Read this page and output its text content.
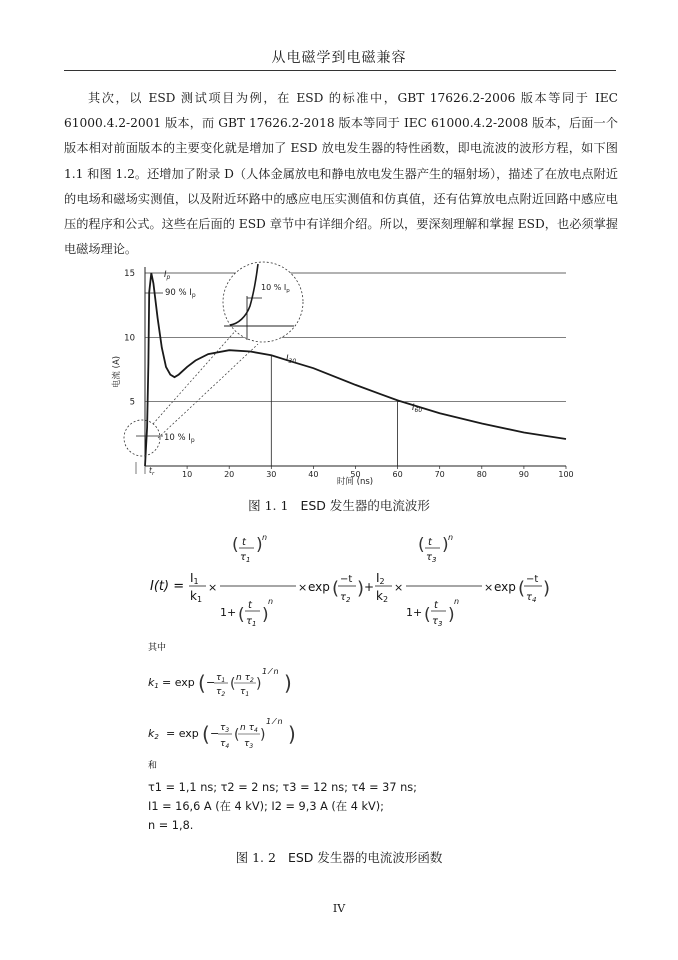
从电磁学到电磁兼容
其次，以 ESD 测试项目为例，在 ESD 的标准中，GBT 17626.2-2006 版本等同于 IEC 61000.4.2-2001 版本，而 GBT 17626.2-2018 版本等同于 IEC 61000.4.2-2008 版本，后面一个版本相对前面版本的主要变化就是增加了 ESD 放电发生器的特性函数，即电流波的波形方程，如下图 1.1 和图 1.2。还增加了附录 D（人体金属放电和静电放电发生器产生的辐射场），描述了在放电点附近的电场和磁场实测值，以及附近环路中的感应电压实测值和仿真值，还有估算放电点附近回路中感应电压的程序和公式。这些在后面的 ESD 章节中有详细介绍。所以，要深刻理解和掌握 ESD，也必须掌握电磁场理论。
15
10
5
10	20	30	40	50	60	70	80	90	100
电流 (A)
时间 (ns)
$I_{30}$
$I_{60}$
$I_p$
90 % $I_p$
10 % $I_p$
$t_r$
10 % $I_p$
图 1. 1 ESD 发生器的电流波形
I(t) =
I1
k1
×
( t
$\tau_1$
) n
1+ ( t
$\tau_1$ )
n
× exp ( −t
$\tau_2$
) +
I2
k2
×
( t
$\tau_3$
) n
1+ ( t
$\tau_3$ )
n
× exp ( −t
$\tau_4$
)
其中
k1 = exp ( − $\tau_1$
$\tau_2$
( n $\tau_2$
$\tau_1$
)
1 ⁄ n )
k2 = exp ( − $\tau_3$
$\tau_4$
( n $\tau_4$
$\tau_3$
)
1 ⁄ n
)
和
τ1 = 1,1 ns; τ2 = 2 ns; τ3 = 12 ns; τ4 = 37 ns;
I1 = 16,6 A (在 4 kV); I2 = 9,3 A (在 4 kV);
n = 1,8.
图 1. 2 ESD 发生器的电流波形函数
IV
